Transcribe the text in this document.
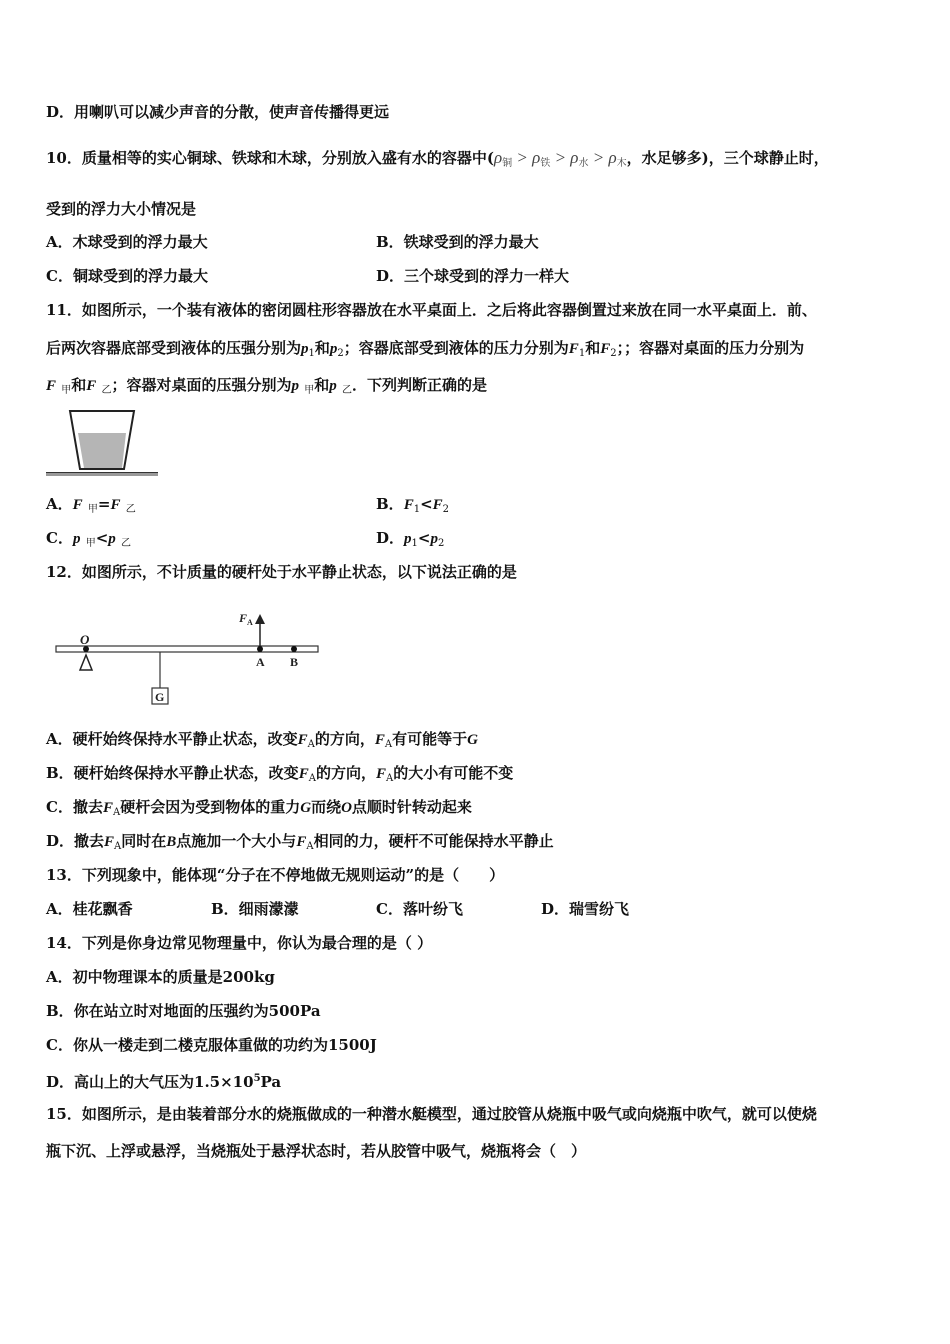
D．用喇叭可以减少声音的分散，使声音传播得更远
10．质量相等的实心铜球、铁球和木球，分别放入盛有水的容器中($\rho_铜 > \rho_铁 > \rho_水 > \rho_木$，水足够多)，三个球静止时，
受到的浮力大小情况是
A．木球受到的浮力最大	B．铁球受到的浮力最大
C．铜球受到的浮力最大	D．三个球受到的浮力一样大
11．如图所示，一个装有液体的密闭圆柱形容器放在水平桌面上．之后将此容器倒置过来放在同一水平桌面上．前、
后两次容器底部受到液体的压强分别为$p_1$和$p_2$；容器底部受到液体的压力分别为$F_1$和$F_2$；；容器对桌面的压力分别为
F $_甲$和F $_乙$；容器对桌面的压强分别为p $_甲$和p $_乙$．下列判断正确的是
A．F $_甲$=F $_乙$	B．$F_1<F_2$
C．p $_甲$<p $_乙$	D．$p_1<p_2$
12．如图所示，不计质量的硬杆处于水平静止状态，以下说法正确的是
O
G
F A
A B
A．硬杆始终保持水平静止状态，改变$F_A$的方向，$F_A$有可能等于G
B．硬杆始终保持水平静止状态，改变$F_A$的方向，$F_A$的大小有可能不变
C．撤去$F_A$硬杆会因为受到物体的重力G而绕O点顺时针转动起来
D．撤去$F_A$同时在B点施加一个大小与$F_A$相同的力，硬杆不可能保持水平静止
13．下列现象中，能体现“分子在不停地做无规则运动”的是（　　）
A．桂花飘香	B．细雨濛濛	C．落叶纷飞	D．瑞雪纷飞
14．下列是你身边常见物理量中，你认为最合理的是（ ）
A．初中物理课本的质量是200kg
B．你在站立时对地面的压强约为500Pa
C．你从一楼走到二楼克服体重做的功约为1500J
D．高山上的大气压为$1.5\times 10^5Pa$
15．如图所示，是由装着部分水的烧瓶做成的一种潜水艇模型，通过胶管从烧瓶中吸气或向烧瓶中吹气，就可以使烧
瓶下沉、上浮或悬浮，当烧瓶处于悬浮状态时，若从胶管中吸气，烧瓶将会（　）
